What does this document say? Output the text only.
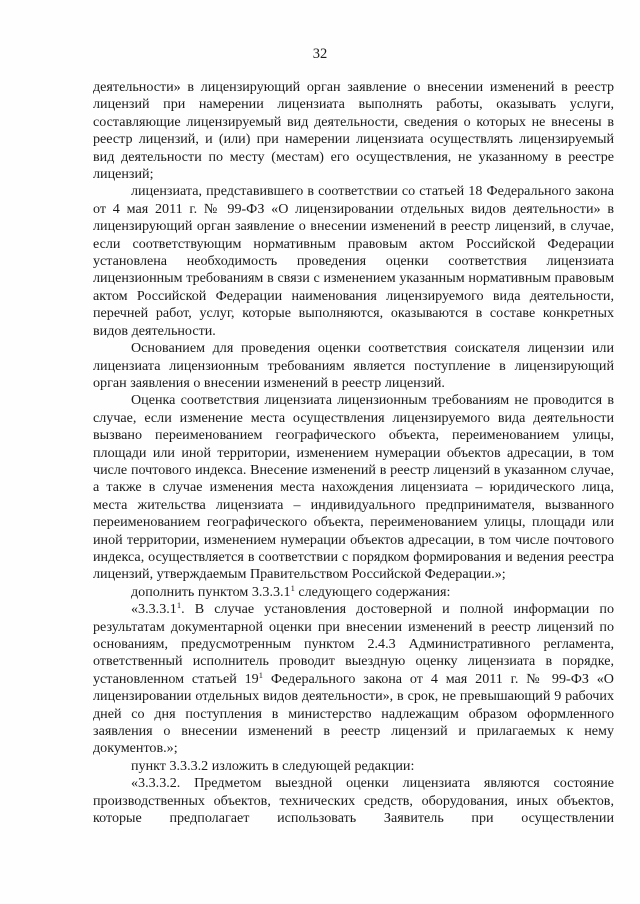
32

деятельности» в лицензирующий орган заявление о внесении изменений в реестр лицензий при намерении лицензиата выполнять работы, оказывать услуги, составляющие лицензируемый вид деятельности, сведения о которых не внесены в реестр лицензий, и (или) при намерении лицензиата осуществлять лицензируемый вид деятельности по месту (местам) его осуществления, не указанному в реестре лицензий;

лицензиата, представившего в соответствии со статьей 18 Федерального закона от 4 мая 2011 г. № 99-ФЗ «О лицензировании отдельных видов деятельности» в лицензирующий орган заявление о внесении изменений в реестр лицензий, в случае, если соответствующим нормативным правовым актом Российской Федерации установлена необходимость проведения оценки соответствия лицензиата лицензионным требованиям в связи с изменением указанным нормативным правовым актом Российской Федерации наименования лицензируемого вида деятельности, перечней работ, услуг, которые выполняются, оказываются в составе конкретных видов деятельности.

Основанием для проведения оценки соответствия соискателя лицензии или лицензиата лицензионным требованиям является поступление в лицензирующий орган заявления о внесении изменений в реестр лицензий.

Оценка соответствия лицензиата лицензионным требованиям не проводится в случае, если изменение места осуществления лицензируемого вида деятельности вызвано переименованием географического объекта, переименованием улицы, площади или иной территории, изменением нумерации объектов адресации, в том числе почтового индекса. Внесение изменений в реестр лицензий в указанном случае, а также в случае изменения места нахождения лицензиата – юридического лица, места жительства лицензиата – индивидуального предпринимателя, вызванного переименованием географического объекта, переименованием улицы, площади или иной территории, изменением нумерации объектов адресации, в том числе почтового индекса, осуществляется в соответствии с порядком формирования и ведения реестра лицензий, утверждаемым Правительством Российской Федерации.»;

дополнить пунктом 3.3.3.1$^1$ следующего содержания:

«3.3.3.1$^1$. В случае установления достоверной и полной информации по результатам документарной оценки при внесении изменений в реестр лицензий по основаниям, предусмотренным пунктом 2.4.3 Административного регламента, ответственный исполнитель проводит выездную оценку лицензиата в порядке, установленном статьей $19^1$ Федерального закона от 4 мая 2011 г. № 99-ФЗ «О лицензировании отдельных видов деятельности», в срок, не превышающий 9 рабочих дней со дня поступления в министерство надлежащим образом оформленного заявления о внесении изменений в реестр лицензий и прилагаемых к нему документов.»;

пункт 3.3.3.2 изложить в следующей редакции:

«3.3.3.2. Предметом выездной оценки лицензиата являются состояние производственных объектов, технических средств, оборудования, иных объектов, которые предполагает использовать Заявитель при осуществлении
